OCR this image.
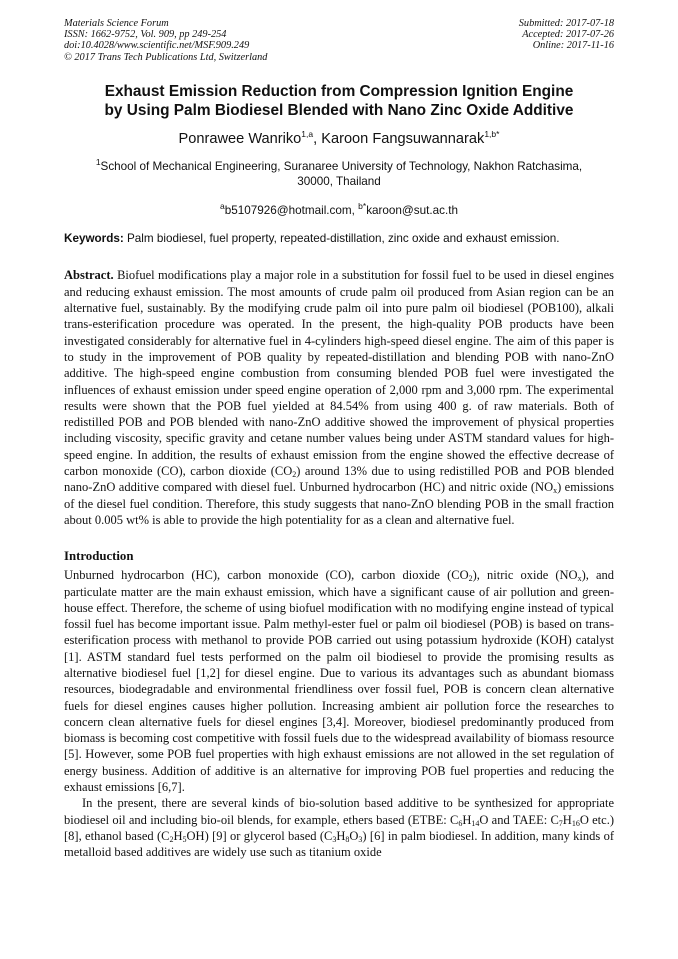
Materials Science Forum
ISSN: 1662-9752, Vol. 909, pp 249-254
doi:10.4028/www.scientific.net/MSF.909.249
© 2017 Trans Tech Publications Ltd, Switzerland
Submitted: 2017-07-18
Accepted: 2017-07-26
Online: 2017-11-16
Exhaust Emission Reduction from Compression Ignition Engine
by Using Palm Biodiesel Blended with Nano Zinc Oxide Additive
Ponrawee Wanriko$^{1,a}$, Karoon Fangsuwannarak$^{1,b*}$
$^1$School of Mechanical Engineering, Suranaree University of Technology, Nakhon Ratchasima,
30000, Thailand
$^a$b5107926@hotmail.com, $^{b*}$karoon@sut.ac.th
Keywords: Palm biodiesel, fuel property, repeated-distillation, zinc oxide and exhaust emission.
Abstract. Biofuel modifications play a major role in a substitution for fossil fuel to be used in diesel engines and reducing exhaust emission. The most amounts of crude palm oil produced from Asian region can be an alternative fuel, sustainably. By the modifying crude palm oil into pure palm oil biodiesel (POB100), alkali trans-esterification procedure was operated. In the present, the high-quality POB products have been investigated considerably for alternative fuel in 4-cylinders high-speed diesel engine. The aim of this paper is to study in the improvement of POB quality by repeated-distillation and blending POB with nano-ZnO additive. The high-speed engine combustion from consuming blended POB fuel were investigated the influences of exhaust emission under speed engine operation of 2,000 rpm and 3,000 rpm. The experimental results were shown that the POB fuel yielded at 84.54% from using 400 g. of raw materials. Both of redistilled POB and POB blended with nano-ZnO additive showed the improvement of physical properties including viscosity, specific gravity and cetane number values being under ASTM standard values for high-speed engine. In addition, the results of exhaust emission from the engine showed the effective decrease of carbon monoxide (CO), carbon dioxide $(CO_2)$ around 13% due to using redistilled POB and POB blended nano-ZnO additive compared with diesel fuel. Unburned hydrocarbon (HC) and nitric oxide $(NO_x)$ emissions of the diesel fuel condition. Therefore, this study suggests that nano-ZnO blending POB in the small fraction about 0.005 wt% is able to provide the high potentiality for as a clean and alternative fuel.
Introduction
Unburned hydrocarbon (HC), carbon monoxide (CO), carbon dioxide $(CO_2)$, nitric oxide $(NO_x)$, and particulate matter are the main exhaust emission, which have a significant cause of air pollution and green-house effect. Therefore, the scheme of using biofuel modification with no modifying engine instead of typical fossil fuel has become important issue. Palm methyl-ester fuel or palm oil biodiesel (POB) is based on trans-esterification process with methanol to provide POB carried out using potassium hydroxide (KOH) catalyst [1]. ASTM standard fuel tests performed on the palm oil biodiesel to provide the promising results as alternative biodiesel fuel [1,2] for diesel engine. Due to various its advantages such as abundant biomass resources, biodegradable and environmental friendliness over fossil fuel, POB is concern clean alternative fuels for diesel engines causes higher pollution. Increasing ambient air pollution force the researches to concern clean alternative fuels for diesel engines [3,4]. Moreover, biodiesel predominantly produced from biomass is becoming cost competitive with fossil fuels due to the widespread availability of biomass resource [5]. However, some POB fuel properties with high exhaust emissions are not allowed in the set regulation of energy business. Addition of additive is an alternative for improving POB fuel properties and reducing the exhaust emissions [6,7].
In the present, there are several kinds of bio-solution based additive to be synthesized for appropriate biodiesel oil and including bio-oil blends, for example, ethers based (ETBE: $C_6H_{14}O$ and TAEE: $C_7H_{16}O$ etc.) [8], ethanol based $(C_2H_5OH)$ [9] or glycerol based $(C_3H_8O_3)$ [6] in palm biodiesel. In addition, many kinds of metalloid based additives are widely use such as titanium oxide
